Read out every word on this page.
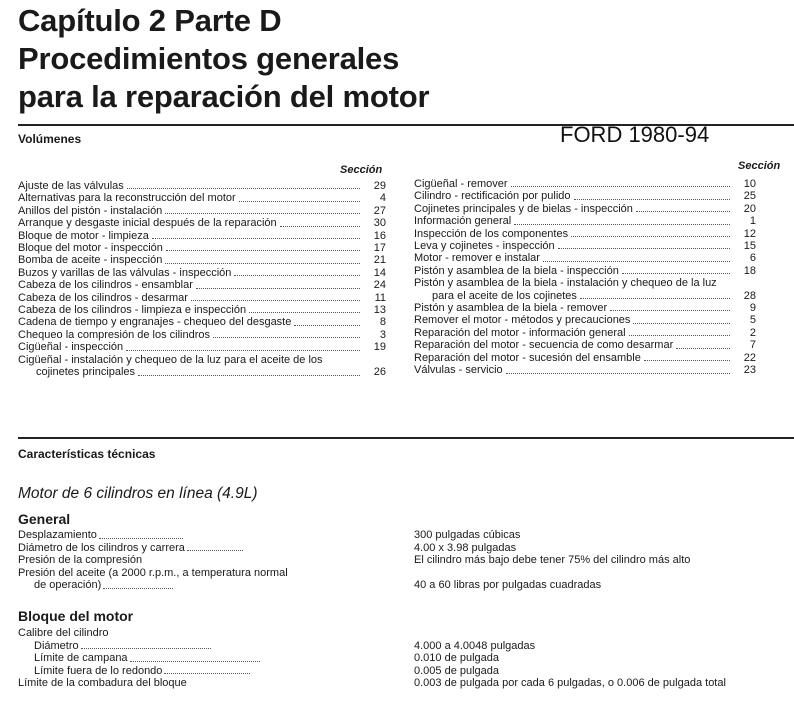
Capítulo 2 Parte D
Procedimientos generales
para la reparación del motor
Volúmenes	FORD 1980-94
Sección	Sección
Ajuste de las válvulas	29
Alternativas para la reconstrucción del motor	4
Anillos del pistón - instalación	27
Arranque y desgaste inicial después de la reparación	30
Bloque de motor - limpieza	16
Bloque del motor - inspección	17
Bomba de aceite - inspección	21
Buzos y varillas de las válvulas - inspección	14
Cabeza de los cilindros - ensamblar	24
Cabeza de los cilindros - desarmar	11
Cabeza de los cilindros - limpieza e inspección	13
Cadena de tiempo y engranajes - chequeo del desgaste	8
Chequeo la compresión de los cilindros	3
Cigüeñal - inspección	19
Cigüeñal - instalación y chequeo de la luz para el aceite de los
cojinetes principales	26
Cigüeñal - remover	10
Cilindro - rectificación por pulido	25
Cojinetes principales y de bielas - inspección	20
Información general	1
Inspección de los componentes	12
Leva y cojinetes - inspección	15
Motor - remover e instalar	6
Pistón y asamblea de la biela - inspección	18
Pistón y asamblea de la biela - instalación y chequeo de la luz
para el aceite de los cojinetes	28
Pistón y asamblea de la biela - remover	9
Remover el motor - métodos y precauciones	5
Reparación del motor - información general	2
Reparación del motor - secuencia de como desarmar	7
Reparación del motor - sucesión del ensamble	22
Válvulas - servicio	23
Características técnicas
Motor de 6 cilindros en línea (4.9L)
General
Desplazamiento	300 pulgadas cúbicas
Diámetro de los cilindros y carrera	4.00 x 3.98 pulgadas
Presión de la compresión	El cilindro más bajo debe tener 75% del cilindro más alto
Presión del aceite (a 2000 r.p.m., a temperatura normal
de operación)	40 a 60 libras por pulgadas cuadradas
Bloque del motor
Calibre del cilindro
Diámetro	4.000 a 4.0048 pulgadas
Límite de campana	0.010 de pulgada
Límite fuera de lo redondo	0.005 de pulgada
Límite de la combadura del bloque	0.003 de pulgada por cada 6 pulgadas, o 0.006 de pulgada total
